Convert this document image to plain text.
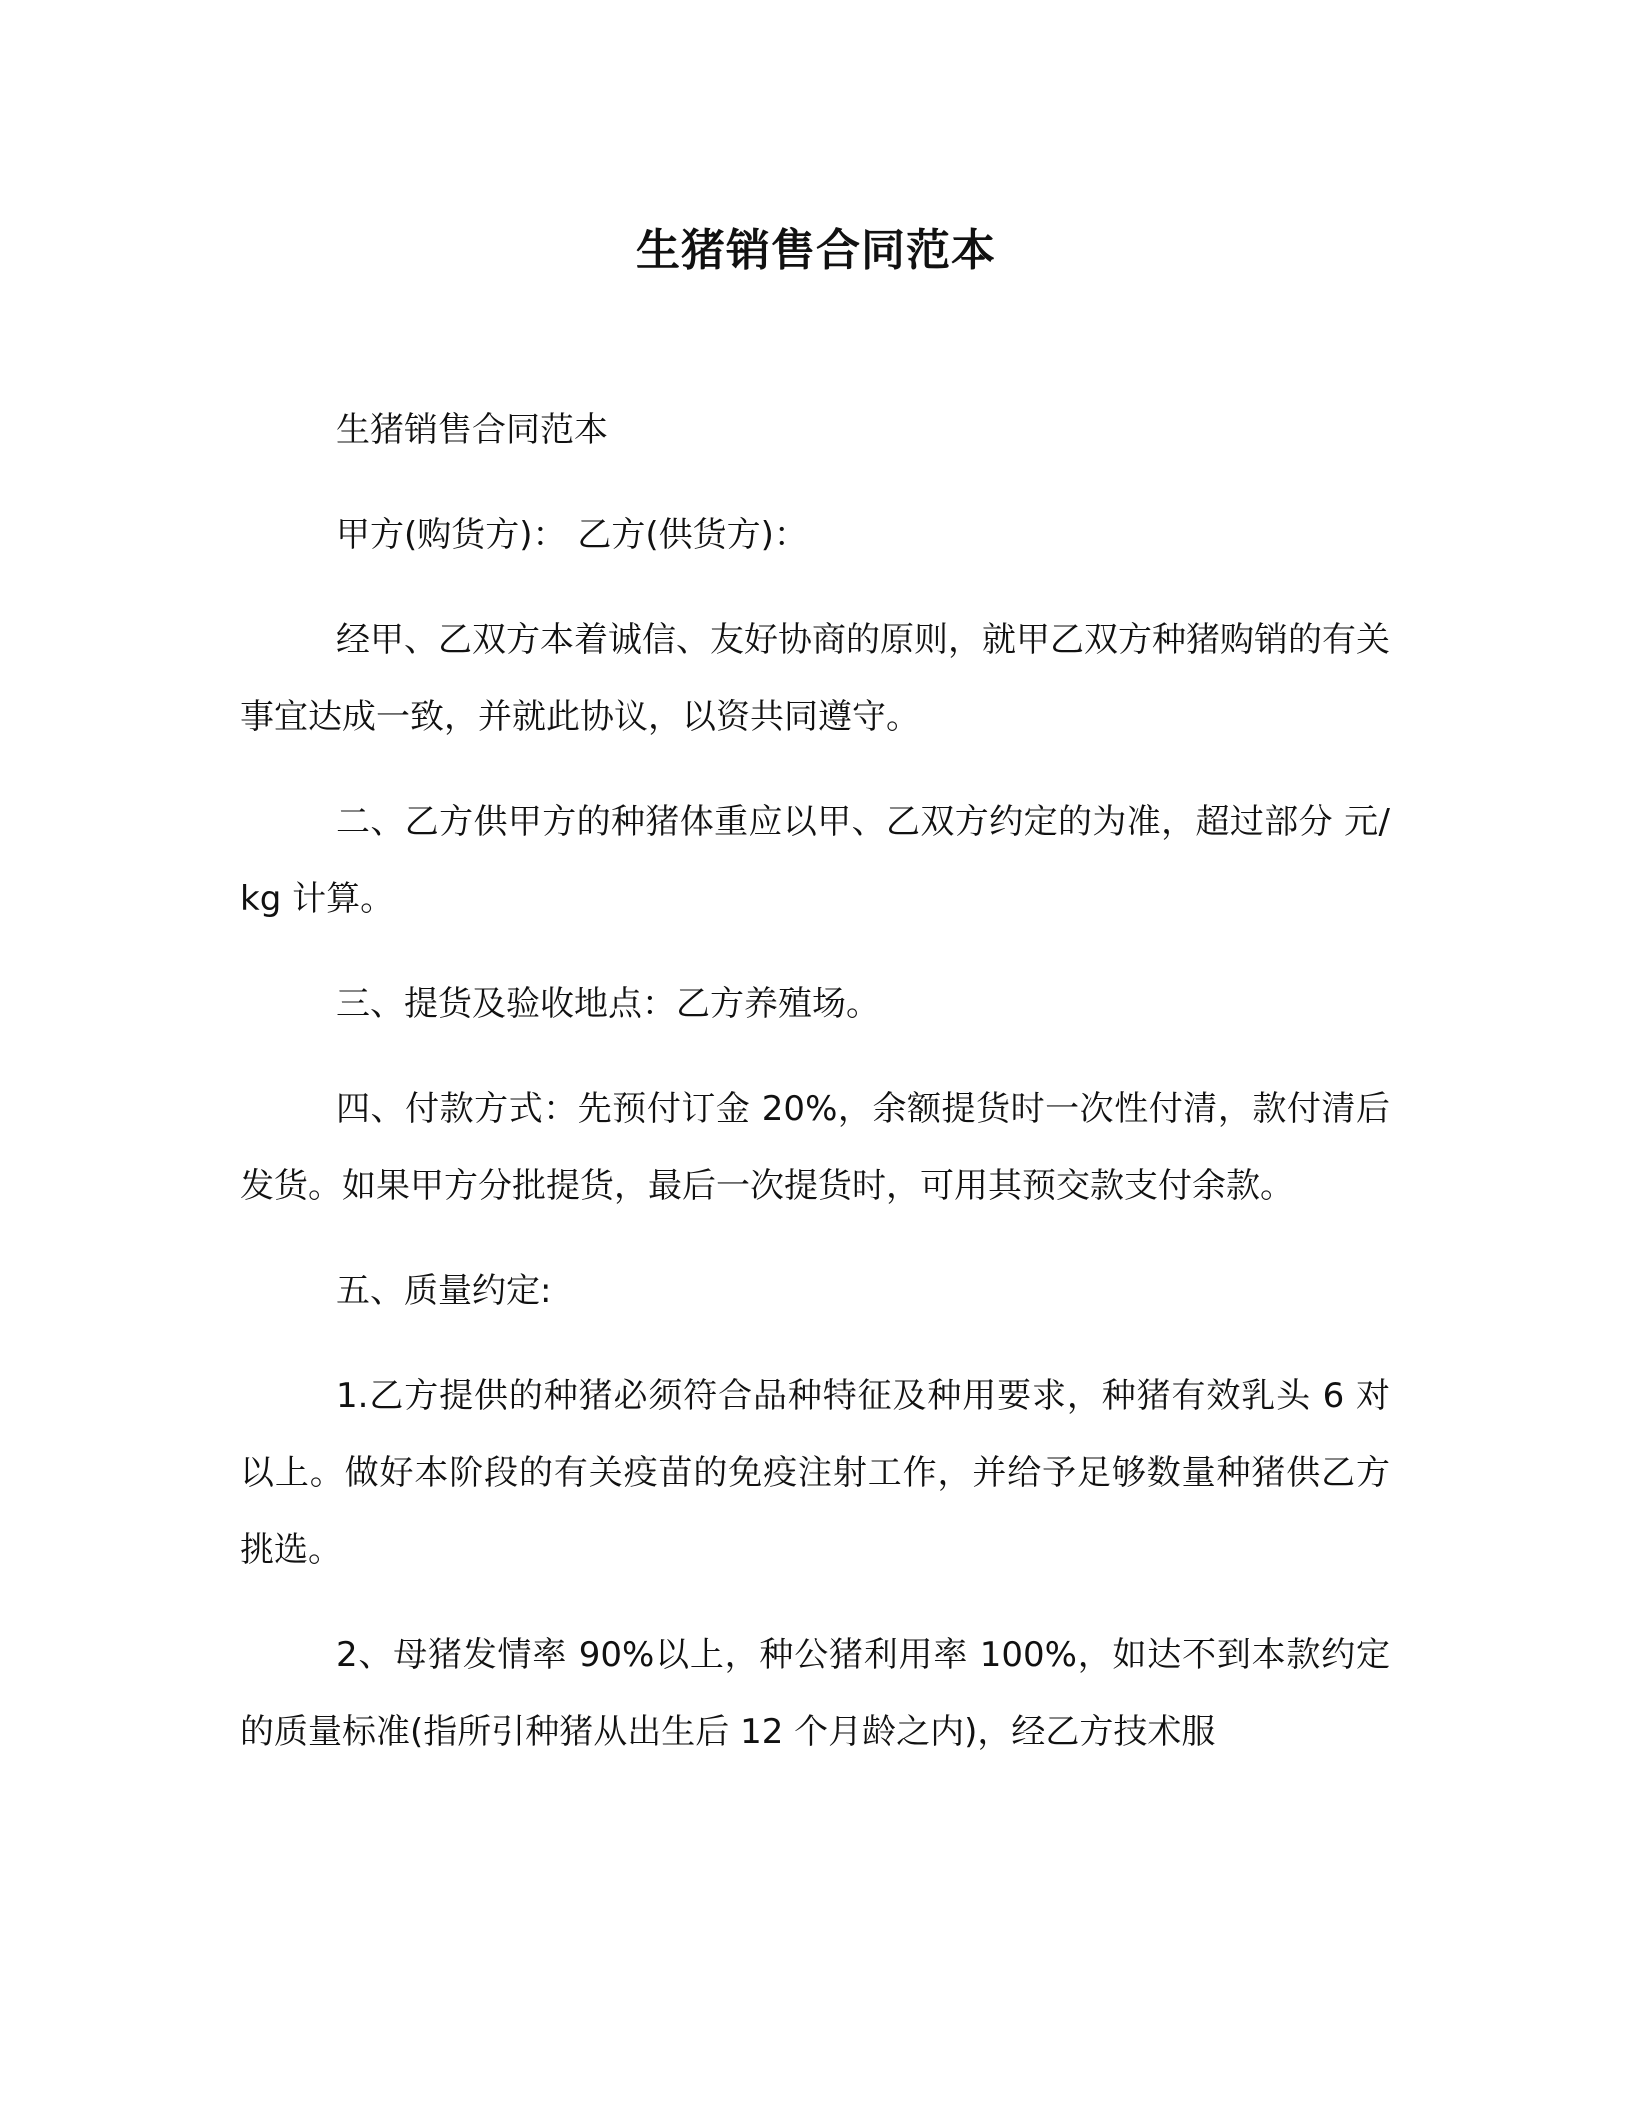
生猪销售合同范本

生猪销售合同范本

甲方(购货方)： 乙方(供货方)：

经甲、乙双方本着诚信、友好协商的原则，就甲乙双方种猪购销的有关事宜达成一致，并就此协议，以资共同遵守。

二、乙方供甲方的种猪体重应以甲、乙双方约定的为准，超过部分 元/kg 计算。

三、提货及验收地点：乙方养殖场。

四、付款方式：先预付订金 20%，余额提货时一次性付清，款付清后发货。如果甲方分批提货，最后一次提货时，可用其预交款支付余款。

五、质量约定:

1.乙方提供的种猪必须符合品种特征及种用要求，种猪有效乳头 6 对以上。做好本阶段的有关疫苗的免疫注射工作，并给予足够数量种猪供乙方挑选。

2、母猪发情率 90%以上，种公猪利用率 100%，如达不到本款约定的质量标准(指所引种猪从出生后 12 个月龄之内)，经乙方技术服
